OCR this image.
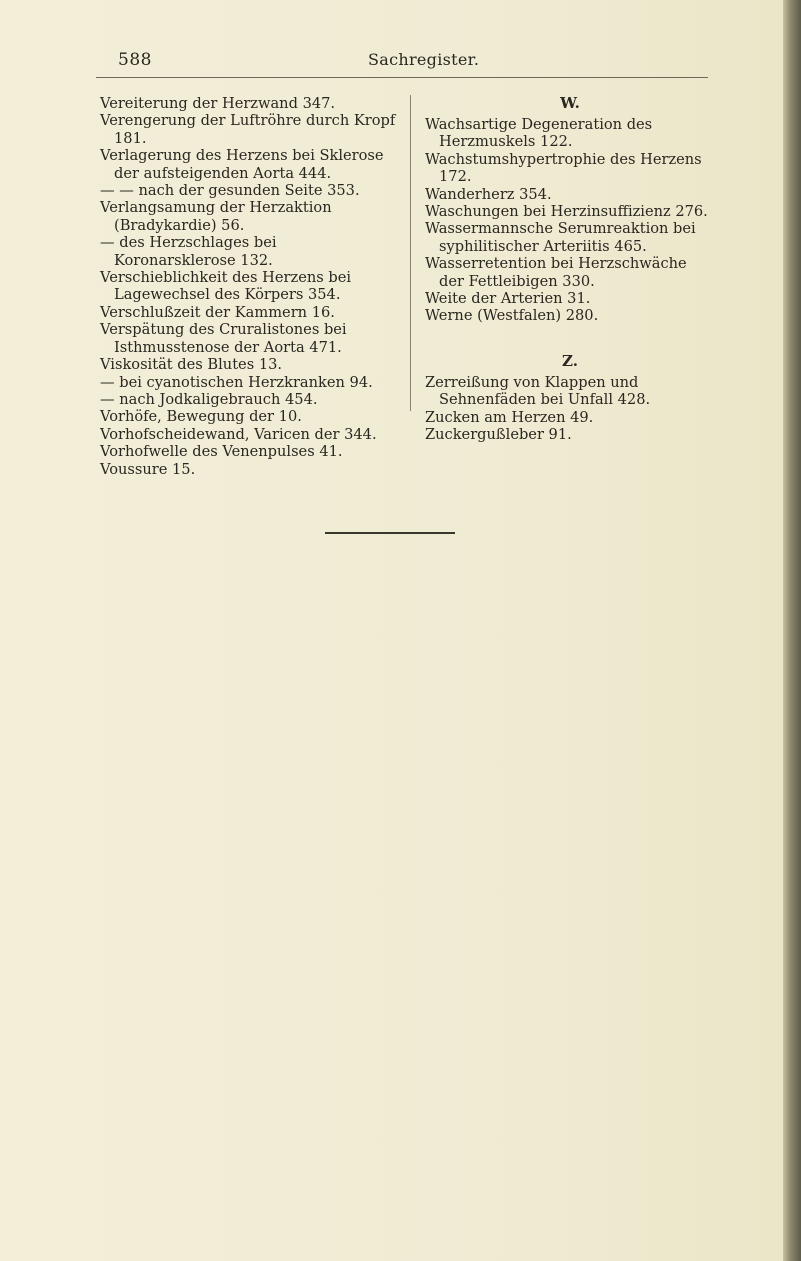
588	Sachregister.
Vereiterung der Herzwand 347.
Verengerung der Luftröhre durch Kropf 181.
Verlagerung des Herzens bei Sklerose der aufsteigenden Aorta 444.
— — nach der gesunden Seite 353.
Verlangsamung der Herzaktion (Bradykardie) 56.
— des Herzschlages bei Koronarsklerose 132.
Verschieblichkeit des Herzens bei Lagewechsel des Körpers 354.
Verschlußzeit der Kammern 16.
Verspätung des Cruralistones bei Isthmusstenose der Aorta 471.
Viskosität des Blutes 13.
— bei cyanotischen Herzkranken 94.
— nach Jodkaligebrauch 454.
Vorhöfe, Bewegung der 10.
Vorhofscheidewand, Varicen der 344.
Vorhofwelle des Venenpulses 41.
Voussure 15.
W.
Wachsartige Degeneration des Herzmuskels 122.
Wachstumshypertrophie des Herzens 172.
Wanderherz 354.
Waschungen bei Herzinsuffizienz 276.
Wassermannsche Serumreaktion bei syphilitischer Arteriitis 465.
Wasserretention bei Herzschwäche der Fettleibigen 330.
Weite der Arterien 31.
Werne (Westfalen) 280.
Z.
Zerreißung von Klappen und Sehnenfäden bei Unfall 428.
Zucken am Herzen 49.
Zuckergußleber 91.
